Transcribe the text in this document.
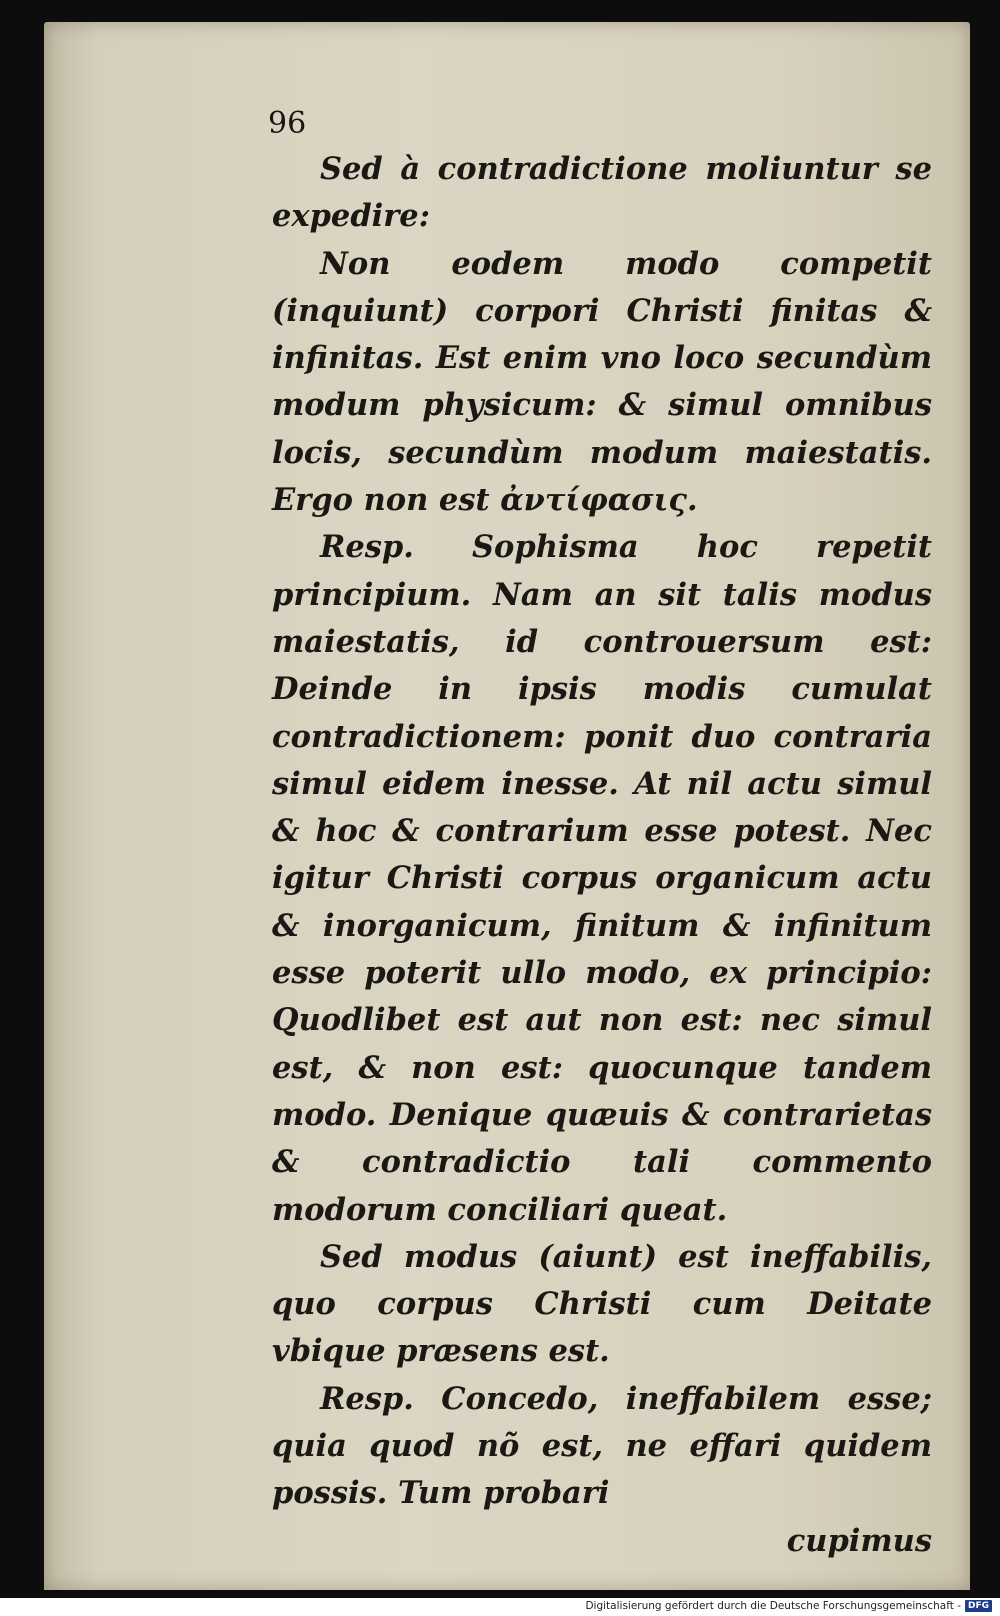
96

Sed à contradictione moliuntur se expedire:

Non eodem modo competit (inquiunt) corpori Christi finitas & infinitas. Est enim vno loco secundùm modum physicum: & simul omnibus locis, secundùm modum maiestatis. Ergo non est ἀντίφασις.

Resp. Sophisma hoc repetit principium. Nam an sit talis modus maiestatis, id controuersum est: Deinde in ipsis modis cumulat contradictionem: ponit duo contraria simul eidem inesse. At nil actu simul & hoc & contrarium esse potest. Nec igitur Christi corpus organicum actu & inorganicum, finitum & infinitum esse poterit ullo modo, ex principio: Quodlibet est aut non est: nec simul est, & non est: quocunque tandem modo. Denique quæuis & contrarietas & contradictio tali commento modorum conciliari queat.

Sed modus (aiunt) est ineffabilis, quo corpus Christi cum Deitate vbique præsens est.

Resp. Concedo, ineffabilem esse; quia quod nõ est, ne effari quidem possis. Tum probari

cupimus
Digitalisierung gefördert durch die Deutsche Forschungsgemeinschaft - DFG
